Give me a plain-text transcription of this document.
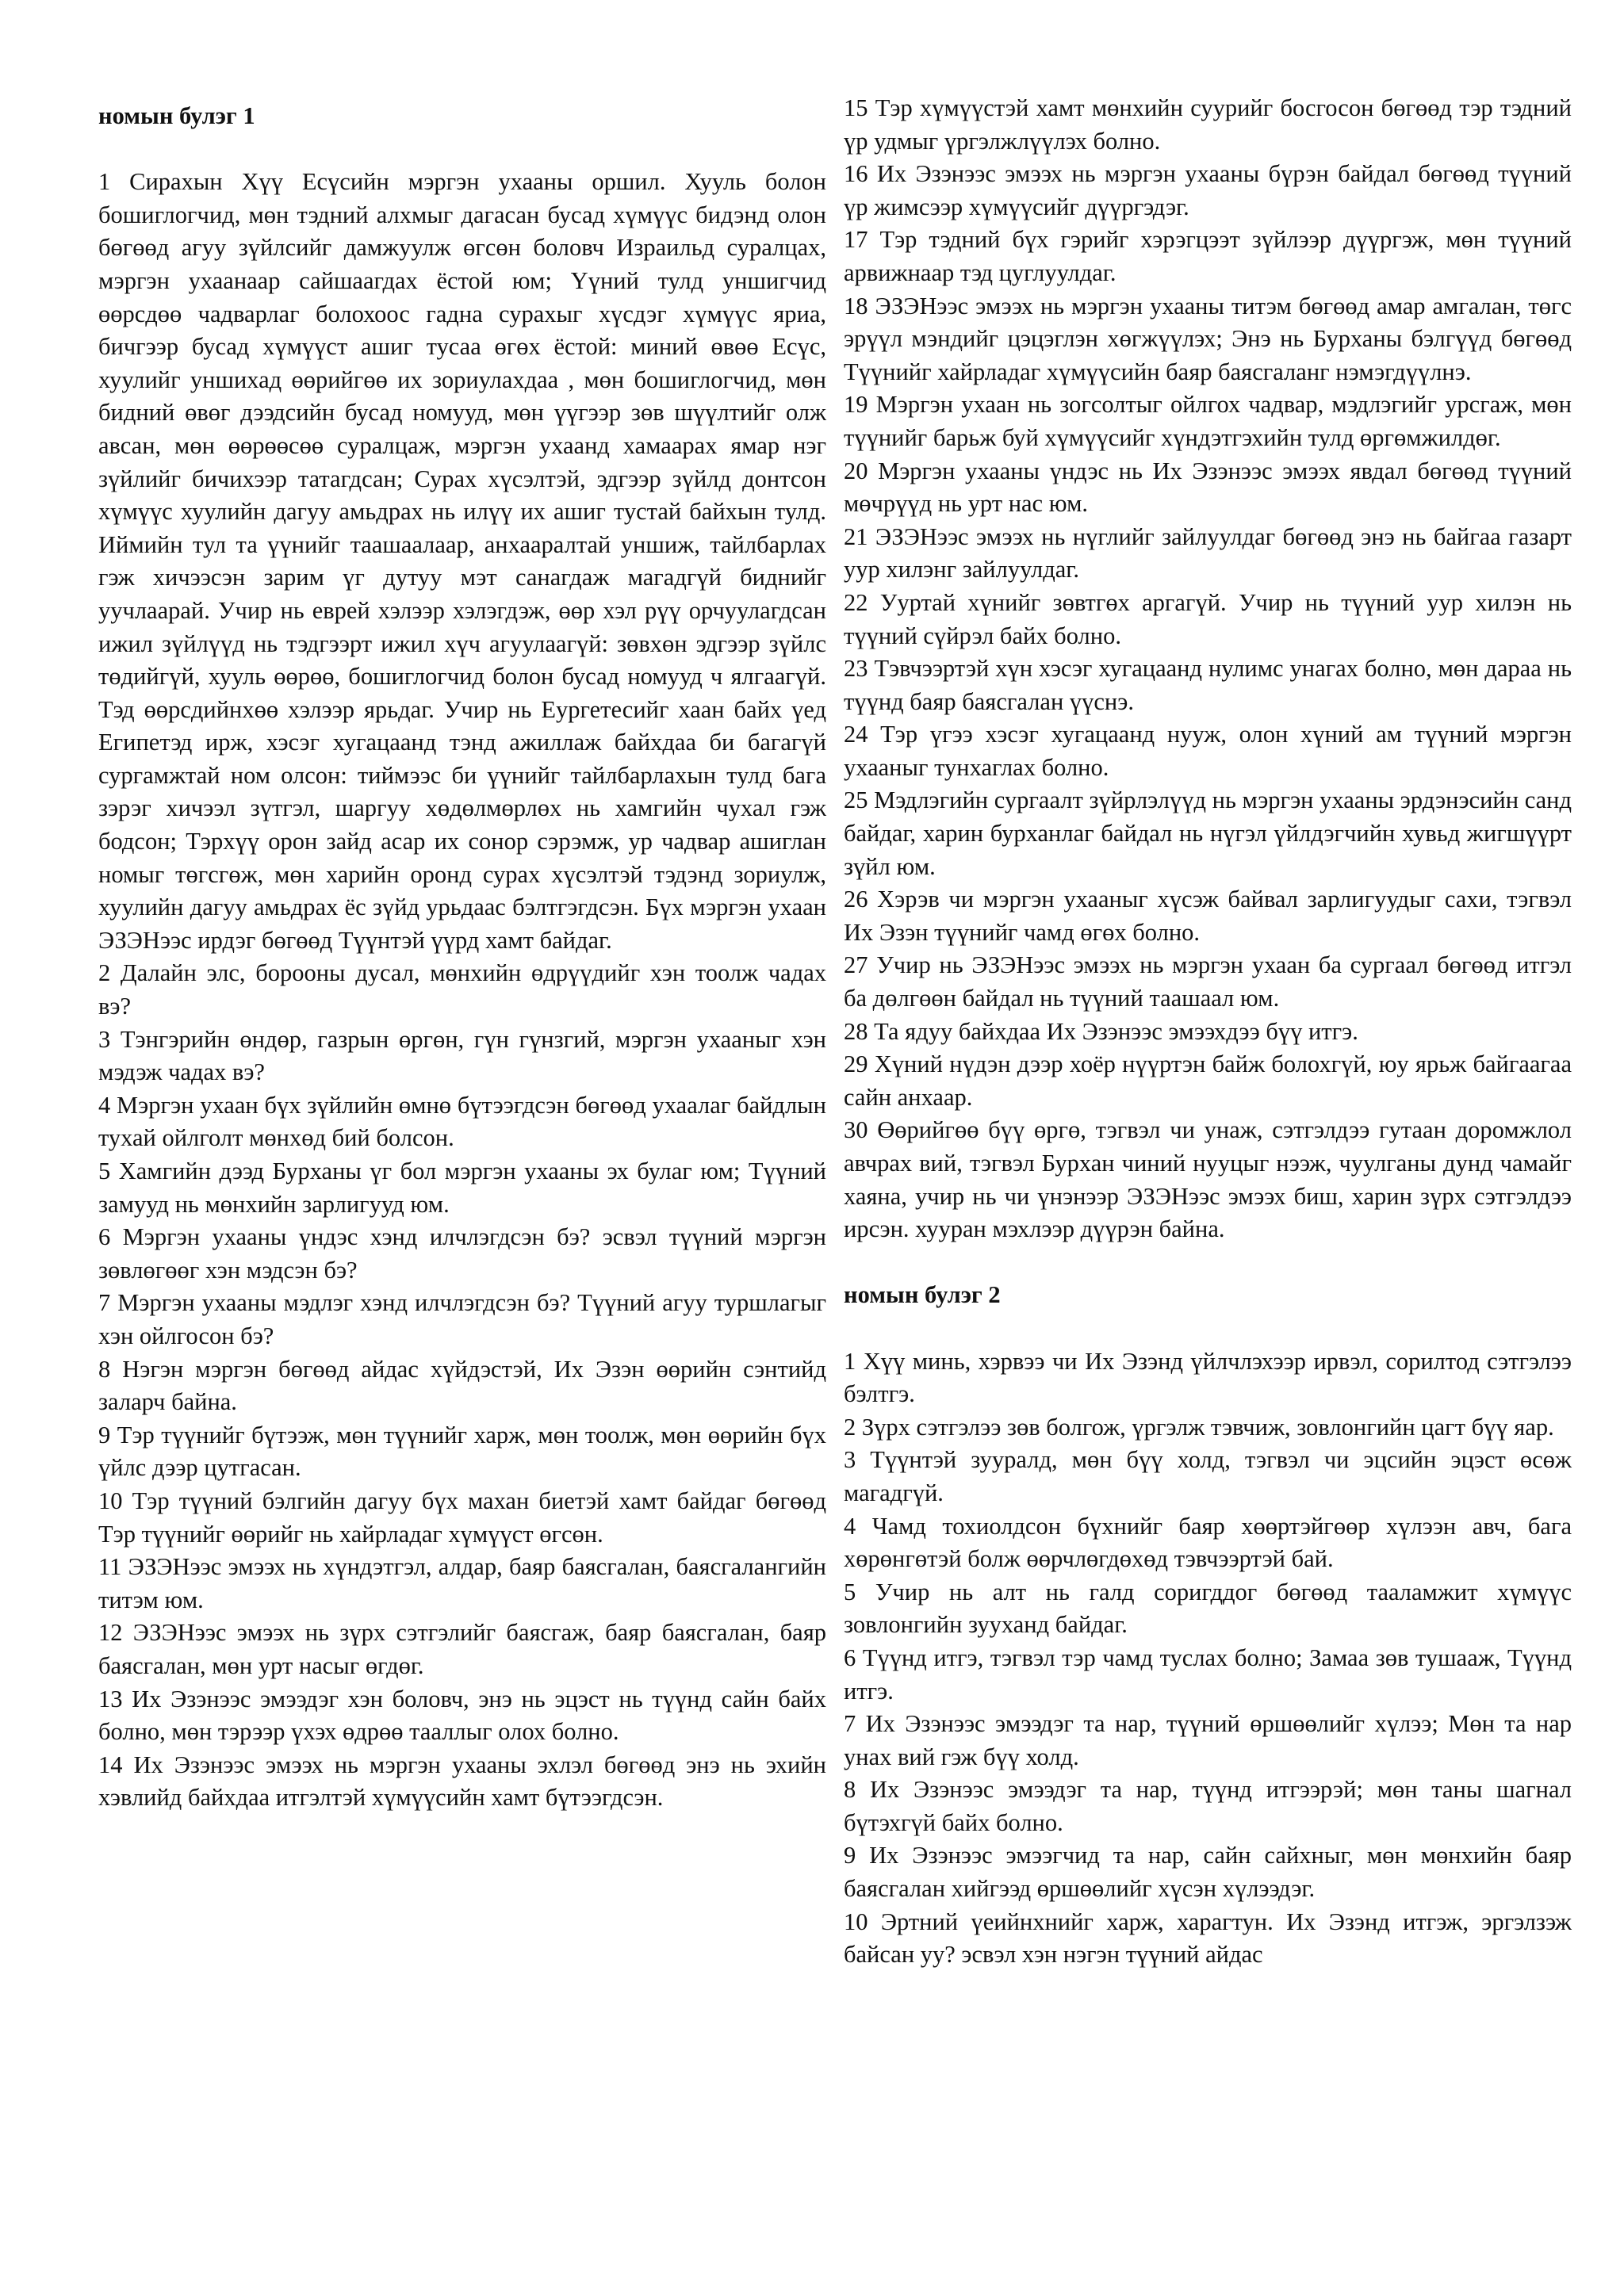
номын булэг 1

1 Сирахын Хүү Есүсийн мэргэн ухааны оршил. Хууль болон бошиглогчид, мөн тэдний алхмыг дагасан бусад хүмүүс бидэнд олон бөгөөд агуу зүйлсийг дамжуулж өгсөн боловч Израильд суралцах, мэргэн ухаанаар сайшаагдах ёстой юм; Үүний тулд уншигчид өөрсдөө чадварлаг болохоос гадна сурахыг хүсдэг хүмүүс яриа, бичгээр бусад хүмүүст ашиг тусаа өгөх ёстой: миний өвөө Есүс, хуулийг уншихад өөрийгөө их зориулахдаа , мөн бошиглогчид, мөн бидний өвөг дээдсийн бусад номууд, мөн үүгээр зөв шүүлтийг олж авсан, мөн өөрөөсөө суралцаж, мэргэн ухаанд хамаарах ямар нэг зүйлийг бичихээр татагдсан; Сурах хүсэлтэй, эдгээр зүйлд донтсон хүмүүс хуулийн дагуу амьдрах нь илүү их ашиг тустай байхын тулд. Иймийн тул та үүнийг таашаалаар, анхааралтай уншиж, тайлбарлах гэж хичээсэн зарим үг дутуу мэт санагдаж магадгүй биднийг уучлаарай. Учир нь еврей хэлээр хэлэгдэж, өөр хэл рүү орчуулагдсан ижил зүйлүүд нь тэдгээрт ижил хүч агуулаагүй: зөвхөн эдгээр зүйлс төдийгүй, хууль өөрөө, бошиглогчид болон бусад номууд ч ялгаагүй. Тэд өөрсдийнхөө хэлээр ярьдаг. Учир нь Еургетесийг хаан байх үед Египетэд ирж, хэсэг хугацаанд тэнд ажиллаж байхдаа би багагүй сургамжтай ном олсон: тиймээс би үүнийг тайлбарлахын тулд бага зэрэг хичээл зүтгэл, шаргуу хөдөлмөрлөх нь хамгийн чухал гэж бодсон; Тэрхүү орон зайд асар их сонор сэрэмж, ур чадвар ашиглан номыг төгсгөж, мөн харийн оронд сурах хүсэлтэй тэдэнд зориулж, хуулийн дагуу амьдрах ёс зүйд урьдаас бэлтгэгдсэн. Бүх мэргэн ухаан ЭЗЭНээс ирдэг бөгөөд Түүнтэй үүрд хамт байдаг.

2 Далайн элс, борооны дусал, мөнхийн өдрүүдийг хэн тоолж чадах вэ?

3 Тэнгэрийн өндөр, газрын өргөн, гүн гүнзгий, мэргэн ухааныг хэн мэдэж чадах вэ?

4 Мэргэн ухаан бүх зүйлийн өмнө бүтээгдсэн бөгөөд ухаалаг байдлын тухай ойлголт мөнхөд бий болсон.

5 Хамгийн дээд Бурханы үг бол мэргэн ухааны эх булаг юм; Түүний замууд нь мөнхийн зарлигууд юм.

6 Мэргэн ухааны үндэс хэнд илчлэгдсэн бэ? эсвэл түүний мэргэн зөвлөгөөг хэн мэдсэн бэ?

7 Мэргэн ухааны мэдлэг хэнд илчлэгдсэн бэ? Түүний агуу туршлагыг хэн ойлгосон бэ?

8 Нэгэн мэргэн бөгөөд айдас хүйдэстэй, Их Эзэн өөрийн сэнтийд заларч байна.

9 Тэр түүнийг бүтээж, мөн түүнийг харж, мөн тоолж, мөн өөрийн бүх үйлс дээр цутгасан.

10 Тэр түүний бэлгийн дагуу бүх махан биетэй хамт байдаг бөгөөд Тэр түүнийг өөрийг нь хайрладаг хүмүүст өгсөн.

11 ЭЗЭНээс эмээх нь хүндэтгэл, алдар, баяр баясгалан, баясгалангийн титэм юм.

12 ЭЗЭНээс эмээх нь зүрх сэтгэлийг баясгаж, баяр баясгалан, баяр баясгалан, мөн урт насыг өгдөг.

13 Их Эзэнээс эмээдэг хэн боловч, энэ нь эцэст нь түүнд сайн байх болно, мөн тэрээр үхэх өдрөө тааллыг олох болно.

14 Их Эзэнээс эмээх нь мэргэн ухааны эхлэл бөгөөд энэ нь эхийн хэвлийд байхдаа итгэлтэй хүмүүсийн хамт бүтээгдсэн.

15 Тэр хүмүүстэй хамт мөнхийн суурийг босгосон бөгөөд тэр тэдний үр удмыг үргэлжлүүлэх болно.

16 Их Эзэнээс эмээх нь мэргэн ухааны бүрэн байдал бөгөөд түүний үр жимсээр хүмүүсийг дүүргэдэг.

17 Тэр тэдний бүх гэрийг хэрэгцээт зүйлээр дүүргэж, мөн түүний арвижнаар тэд цуглуулдаг.

18 ЭЗЭНээс эмээх нь мэргэн ухааны титэм бөгөөд амар амгалан, төгс эрүүл мэндийг цэцэглэн хөгжүүлэх; Энэ нь Бурханы бэлгүүд бөгөөд Түүнийг хайрладаг хүмүүсийн баяр баясгаланг нэмэгдүүлнэ.

19 Мэргэн ухаан нь зогсолтыг ойлгох чадвар, мэдлэгийг урсгаж, мөн түүнийг барьж буй хүмүүсийг хүндэтгэхийн тулд өргөмжилдөг.

20 Мэргэн ухааны үндэс нь Их Эзэнээс эмээх явдал бөгөөд түүний мөчрүүд нь урт нас юм.

21 ЭЗЭНээс эмээх нь нүглийг зайлуулдаг бөгөөд энэ нь байгаа газарт уур хилэнг зайлуулдаг.

22 Ууртай хүнийг зөвтгөх аргагүй. Учир нь түүний уур хилэн нь түүний сүйрэл байх болно.

23 Тэвчээртэй хүн хэсэг хугацаанд нулимс унагах болно, мөн дараа нь түүнд баяр баясгалан үүснэ.

24 Тэр үгээ хэсэг хугацаанд нууж, олон хүний ам түүний мэргэн ухааныг тунхаглах болно.

25 Мэдлэгийн сургаалт зүйрлэлүүд нь мэргэн ухааны эрдэнэсийн санд байдаг, харин бурханлаг байдал нь нүгэл үйлдэгчийн хувьд жигшүүрт зүйл юм.

26 Хэрэв чи мэргэн ухааныг хүсэж байвал зарлигуудыг сахи, тэгвэл Их Эзэн түүнийг чамд өгөх болно.

27 Учир нь ЭЗЭНээс эмээх нь мэргэн ухаан ба сургаал бөгөөд итгэл ба дөлгөөн байдал нь түүний таашаал юм.

28 Та ядуу байхдаа Их Эзэнээс эмээхдээ бүү итгэ.

29 Хүний нүдэн дээр хоёр нүүртэн байж болохгүй, юу ярьж байгаагаа сайн анхаар.

30 Өөрийгөө бүү өргө, тэгвэл чи унаж, сэтгэлдээ гутаан доромжлол авчрах вий, тэгвэл Бурхан чиний нууцыг нээж, чуулганы дунд чамайг хаяна, учир нь чи үнэнээр ЭЗЭНээс эмээх биш, харин зүрх сэтгэлдээ ирсэн. хууран мэхлээр дүүрэн байна.

номын булэг 2

1 Хүү минь, хэрвээ чи Их Эзэнд үйлчлэхээр ирвэл, сорилтод сэтгэлээ бэлтгэ.

2 Зүрх сэтгэлээ зөв болгож, үргэлж тэвчиж, зовлонгийн цагт бүү яар.

3 Түүнтэй зууралд, мөн бүү холд, тэгвэл чи эцсийн эцэст өсөж магадгүй.

4 Чамд тохиолдсон бүхнийг баяр хөөртэйгөөр хүлээн авч, бага хөрөнгөтэй болж өөрчлөгдөхөд тэвчээртэй бай.

5 Учир нь алт нь галд соригддог бөгөөд тааламжит хүмүүс зовлонгийн зууханд байдаг.

6 Түүнд итгэ, тэгвэл тэр чамд туслах болно; Замаа зөв тушааж, Түүнд итгэ.

7 Их Эзэнээс эмээдэг та нар, түүний өршөөлийг хүлээ; Мөн та нар унах вий гэж бүү холд.

8 Их Эзэнээс эмээдэг та нар, түүнд итгээрэй; мөн таны шагнал бүтэхгүй байх болно.

9 Их Эзэнээс эмээгчид та нар, сайн сайхныг, мөн мөнхийн баяр баясгалан хийгээд өршөөлийг хүсэн хүлээдэг.

10 Эртний үеийнхнийг харж, харагтун. Их Эзэнд итгэж, эргэлзэж байсан уу? эсвэл хэн нэгэн түүний айдас
